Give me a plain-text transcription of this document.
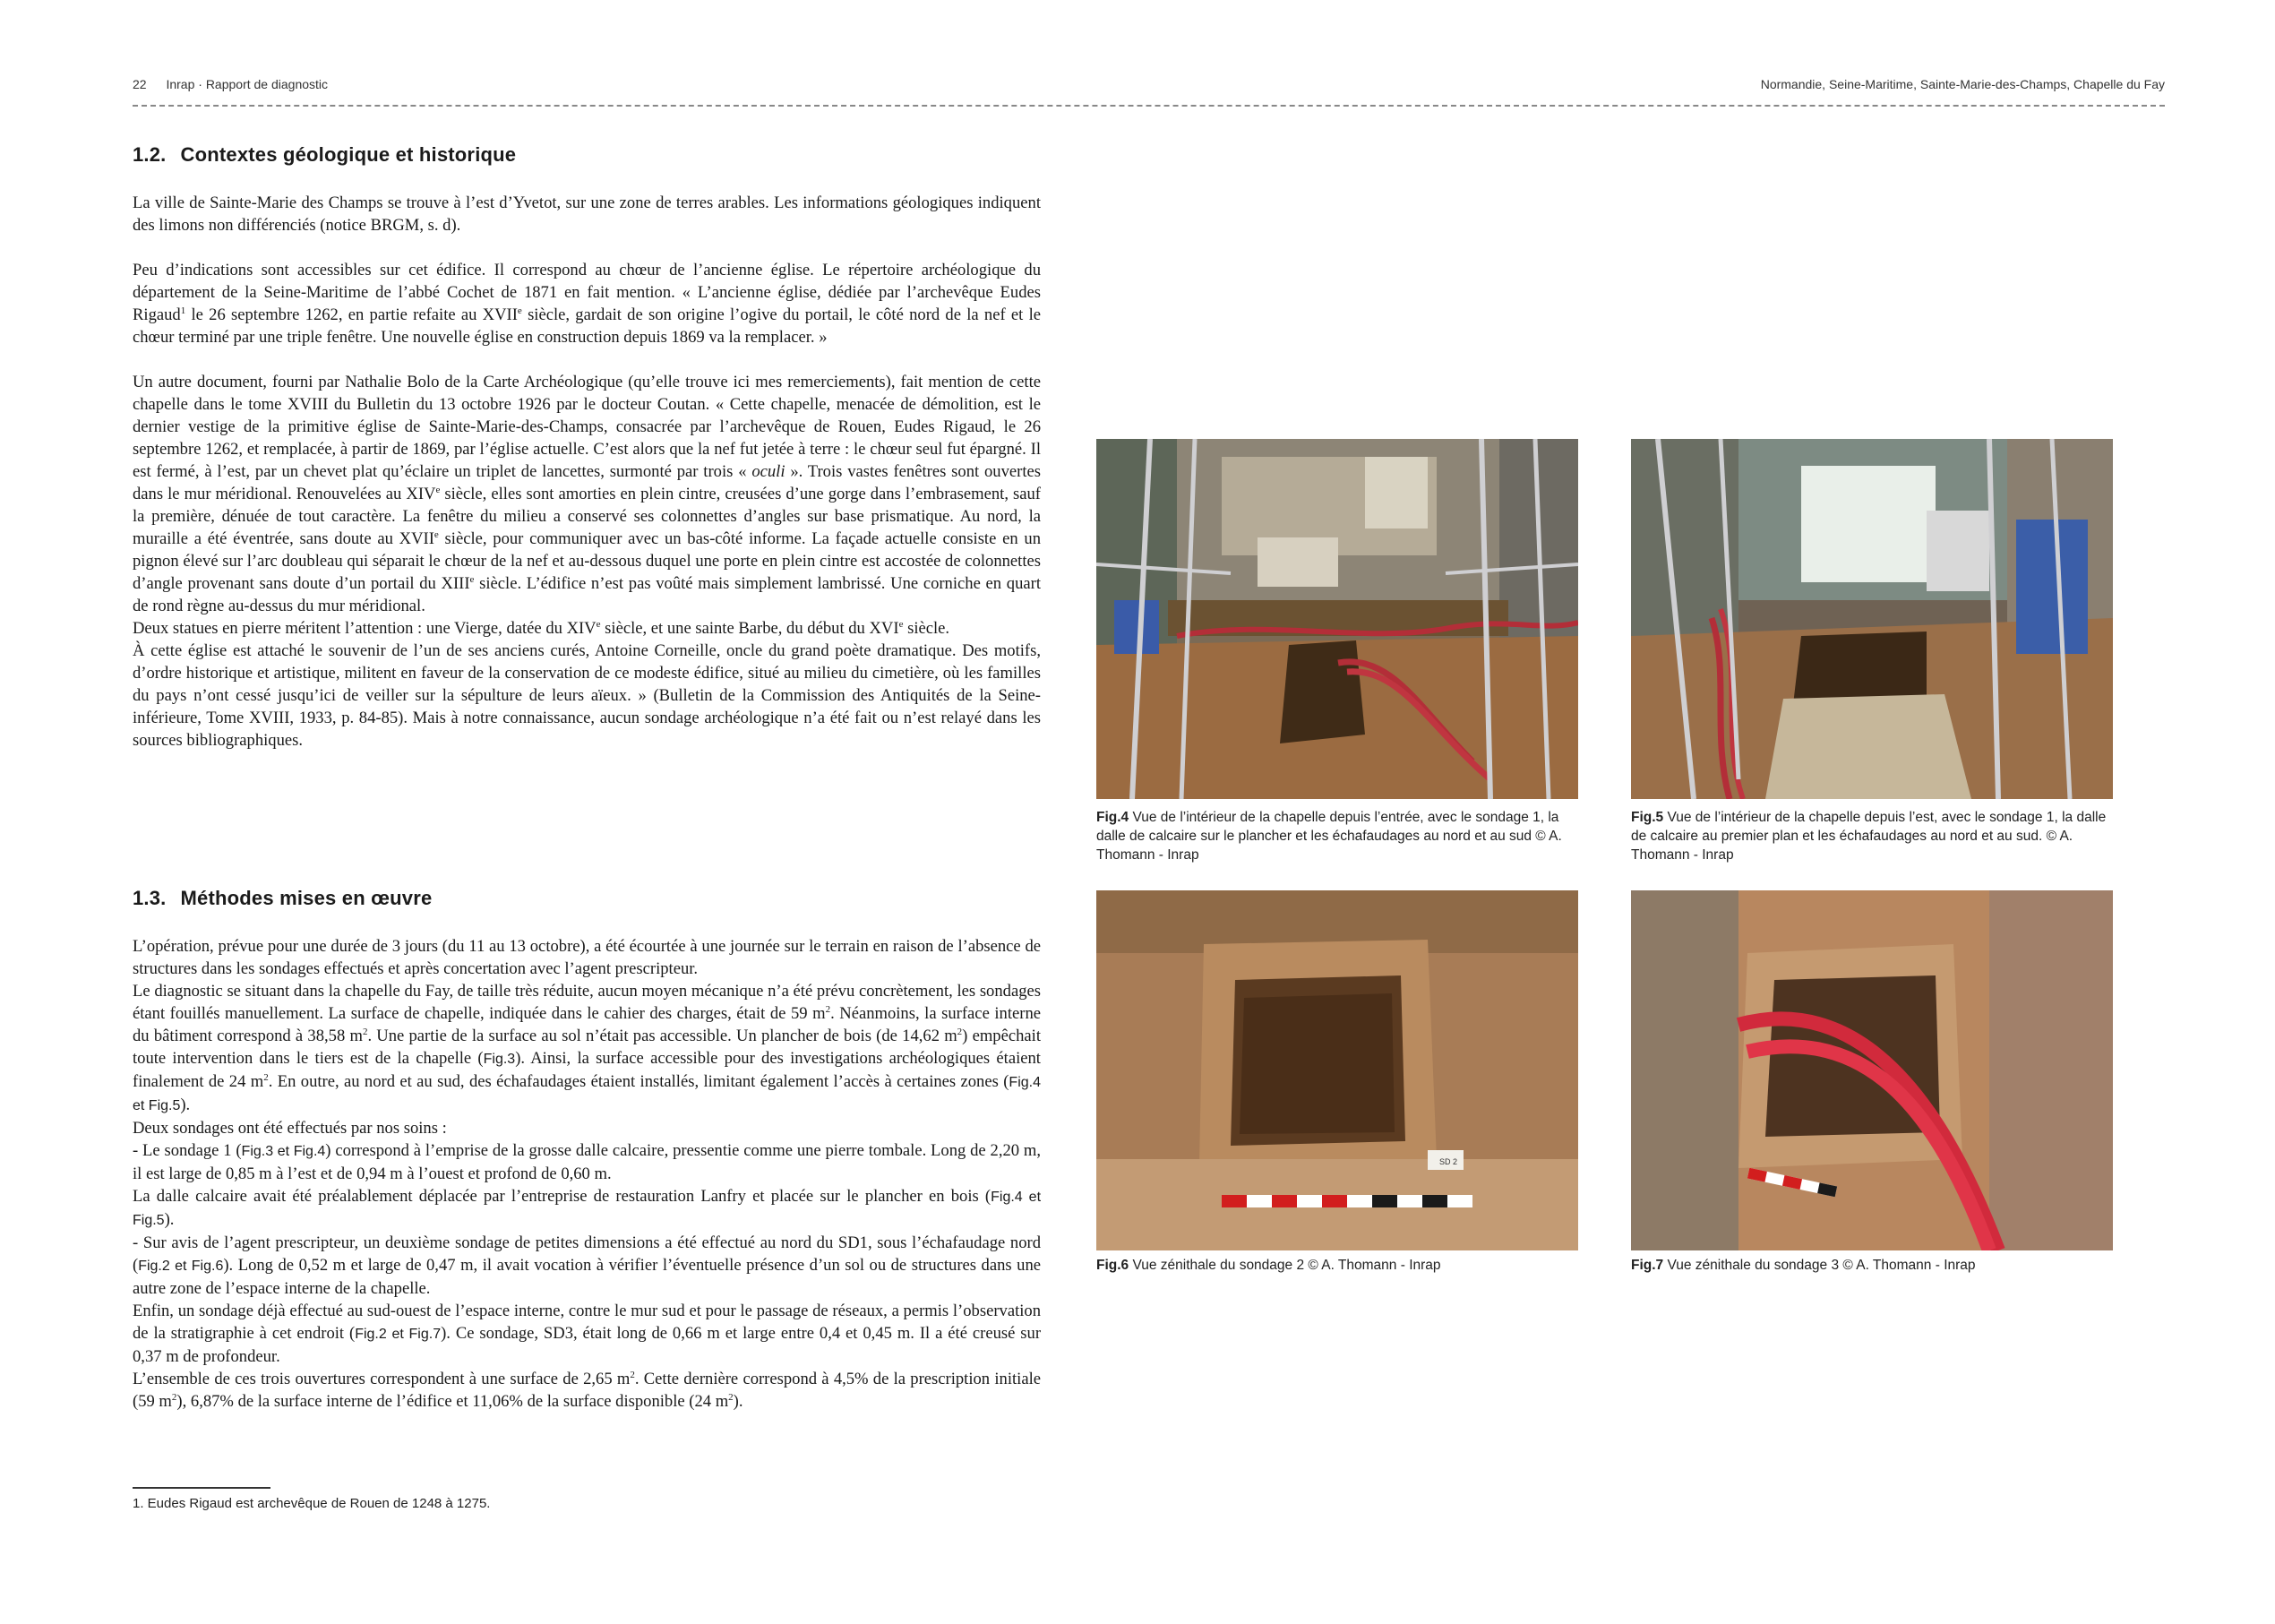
22 Inrap · Rapport de diagnostic	Normandie, Seine-Maritime, Sainte-Marie-des-Champs, Chapelle du Fay
1.2. Contextes géologique et historique

La ville de Sainte-Marie des Champs se trouve à l’est d’Yvetot, sur une zone de terres arables. Les informations géologiques indiquent des limons non différenciés (notice BRGM, s. d).

Peu d’indications sont accessibles sur cet édifice. Il correspond au chœur de l’ancienne église. Le répertoire archéologique du département de la Seine-Maritime de l’abbé Cochet de 1871 en fait mention. « L’ancienne église, dédiée par l’archevêque Eudes Rigaud$^1$ le 26 septembre 1262, en partie refaite au XVIIe siècle, gardait de son origine l’ogive du portail, le côté nord de la nef et le chœur terminé par une triple fenêtre. Une nouvelle église en construction depuis 1869 va la remplacer. »

Un autre document, fourni par Nathalie Bolo de la Carte Archéologique (qu’elle trouve ici mes remerciements), fait mention de cette chapelle dans le tome XVIII du Bulletin du 13 octobre 1926 par le docteur Coutan. « Cette chapelle, menacée de démolition, est le dernier vestige de la primitive église de Sainte-Marie-des-Champs, consacrée par l’archevêque de Rouen, Eudes Rigaud, le 26 septembre 1262, et remplacée, à partir de 1869, par l’église actuelle. C’est alors que la nef fut jetée à terre : le chœur seul fut épargné. Il est fermé, à l’est, par un chevet plat qu’éclaire un triplet de lancettes, surmonté par trois « oculi ». Trois vastes fenêtres sont ouvertes dans le mur méridional. Renouvelées au XIVe siècle, elles sont amorties en plein cintre, creusées d’une gorge dans l’embrasement, sauf la première, dénuée de tout caractère. La fenêtre du milieu a conservé ses colonnettes d’angles sur base prismatique. Au nord, la muraille a été éventrée, sans doute au XVIIe siècle, pour communiquer avec un bas-côté informe. La façade actuelle consiste en un pignon élevé sur l’arc doubleau qui séparait le chœur de la nef et au-dessous duquel une porte en plein cintre est accostée de colonnettes d’angle provenant sans doute d’un portail du XIIIe siècle. L’édifice n’est pas voûté mais simplement lambrissé. Une corniche en quart de rond règne au-dessus du mur méridional.

Deux statues en pierre méritent l’attention : une Vierge, datée du XIVe siècle, et une sainte Barbe, du début du XVIe siècle.

À cette église est attaché le souvenir de l’un de ses anciens curés, Antoine Corneille, oncle du grand poète dramatique. Des motifs, d’ordre historique et artistique, militent en faveur de la conservation de ce modeste édifice, situé au milieu du cimetière, où les familles du pays n’ont cessé jusqu’ici de veiller sur la sépulture de leurs aïeux. » (Bulletin de la Commission des Antiquités de la Seine-inférieure, Tome XVIII, 1933, p. 84-85). Mais à notre connaissance, aucun sondage archéologique n’a été fait ou n’est relayé dans les sources bibliographiques.

1.3. Méthodes mises en œuvre

L’opération, prévue pour une durée de 3 jours (du 11 au 13 octobre), a été écourtée à une journée sur le terrain en raison de l’absence de structures dans les sondages effectués et après concertation avec l’agent prescripteur.

Le diagnostic se situant dans la chapelle du Fay, de taille très réduite, aucun moyen mécanique n’a été prévu concrètement, les sondages étant fouillés manuellement. La surface de chapelle, indiquée dans le cahier des charges, était de 59 $m^2$. Néanmoins, la surface interne du bâtiment correspond à 38,58 $m^2$. Une partie de la surface au sol n’était pas accessible. Un plancher de bois (de 14,62 $m^2$) empêchait toute intervention dans le tiers est de la chapelle (Fig.3). Ainsi, la surface accessible pour des investigations archéologiques étaient finalement de 24 $m^2$. En outre, au nord et au sud, des échafaudages étaient installés, limitant également l’accès à certaines zones (Fig.4 et Fig.5).

Deux sondages ont été effectués par nos soins :

- Le sondage 1 (Fig.3 et Fig.4) correspond à l’emprise de la grosse dalle calcaire, pressentie comme une pierre tombale. Long de 2,20 m, il est large de 0,85 m à l’est et de 0,94 m à l’ouest et profond de 0,60 m.

La dalle calcaire avait été préalablement déplacée par l’entreprise de restauration Lanfry et placée sur le plancher en bois (Fig.4 et Fig.5).

- Sur avis de l’agent prescripteur, un deuxième sondage de petites dimensions a été effectué au nord du SD1, sous l’échafaudage nord (Fig.2 et Fig.6). Long de 0,52 m et large de 0,47 m, il avait vocation à vérifier l’éventuelle présence d’un sol ou de structures dans une autre zone de l’espace interne de la chapelle.

Enfin, un sondage déjà effectué au sud-ouest de l’espace interne, contre le mur sud et pour le passage de réseaux, a permis l’observation de la stratigraphie à cet endroit (Fig.2 et Fig.7). Ce sondage, SD3, était long de 0,66 m et large entre 0,4 et 0,45 m. Il a été creusé sur 0,37 m de profondeur.

L’ensemble de ces trois ouvertures correspondent à une surface de 2,65 $m^2$. Cette dernière correspond à 4,5% de la prescription initiale (59 $m^2$), 6,87% de la surface interne de l’édifice et 11,06% de la surface disponible (24 $m^2$).

1. Eudes Rigaud est archevêque de Rouen de 1248 à 1275.
Fig.4 Vue de l’intérieur de la chapelle depuis l’entrée, avec le sondage 1, la dalle de calcaire sur le plancher et les échafaudages au nord et au sud © A. Thomann - Inrap
Fig.5 Vue de l’intérieur de la chapelle depuis l’est, avec le sondage 1, la dalle de calcaire au premier plan et les échafaudages au nord et au sud. © A. Thomann - Inrap
SD 2
Fig.6 Vue zénithale du sondage 2 © A. Thomann - Inrap	Fig.7 Vue zénithale du sondage 3 © A. Thomann - Inrap
